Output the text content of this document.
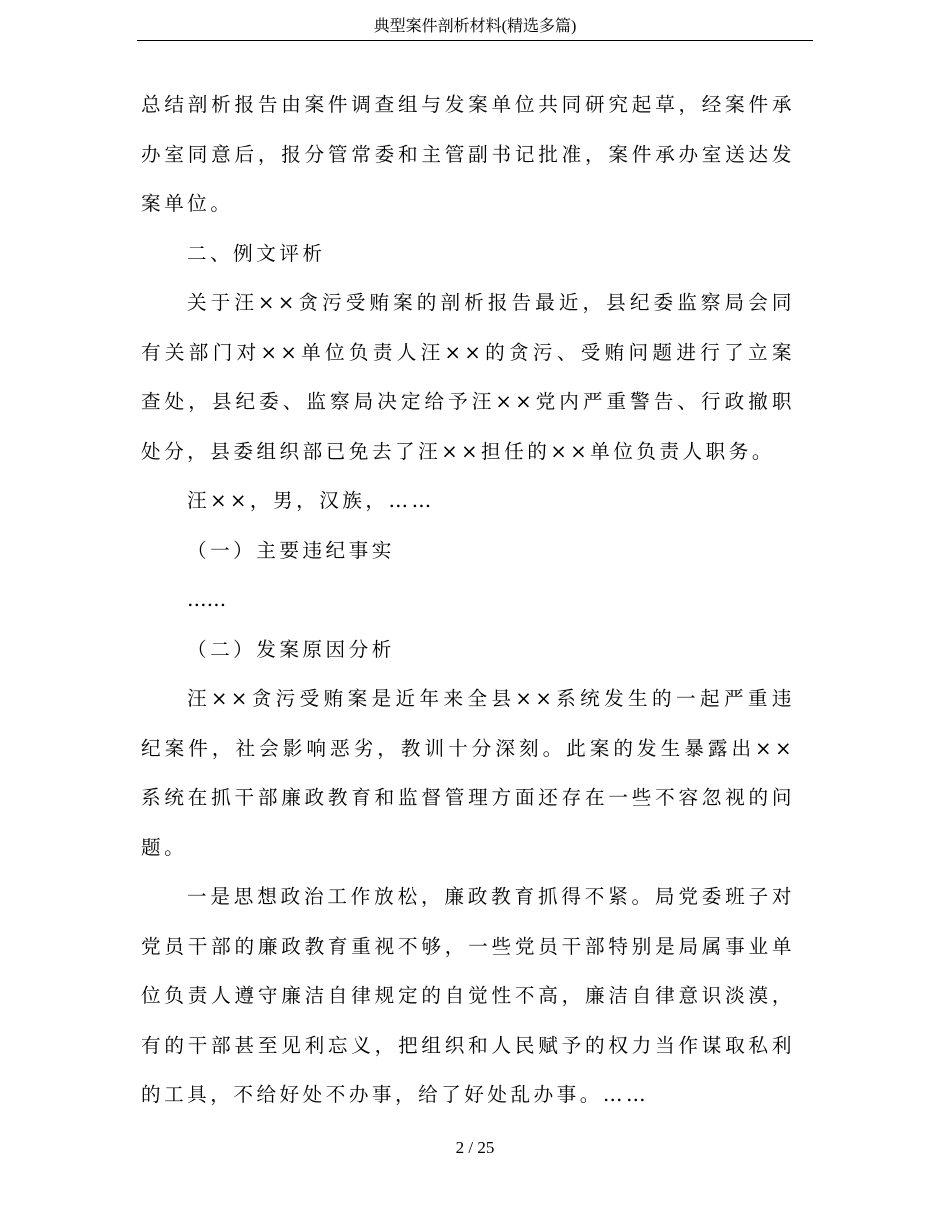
典型案件剖析材料(精选多篇)

总结剖析报告由案件调查组与发案单位共同研究起草，经案件承办室同意后，报分管常委和主管副书记批准，案件承办室送达发案单位。

二、例文评析

关于汪××贪污受贿案的剖析报告最近，县纪委监察局会同有关部门对××单位负责人汪××的贪污、受贿问题进行了立案查处，县纪委、监察局决定给予汪××党内严重警告、行政撤职处分，县委组织部已免去了汪××担任的××单位负责人职务。

汪××，男，汉族，……

（一）主要违纪事实

……

（二）发案原因分析

汪××贪污受贿案是近年来全县××系统发生的一起严重违纪案件，社会影响恶劣，教训十分深刻。此案的发生暴露出××系统在抓干部廉政教育和监督管理方面还存在一些不容忽视的问题。

一是思想政治工作放松，廉政教育抓得不紧。局党委班子对党员干部的廉政教育重视不够，一些党员干部特别是局属事业单位负责人遵守廉洁自律规定的自觉性不高，廉洁自律意识淡漠，有的干部甚至见利忘义，把组织和人民赋予的权力当作谋取私利的工具，不给好处不办事，给了好处乱办事。……

2 / 25
